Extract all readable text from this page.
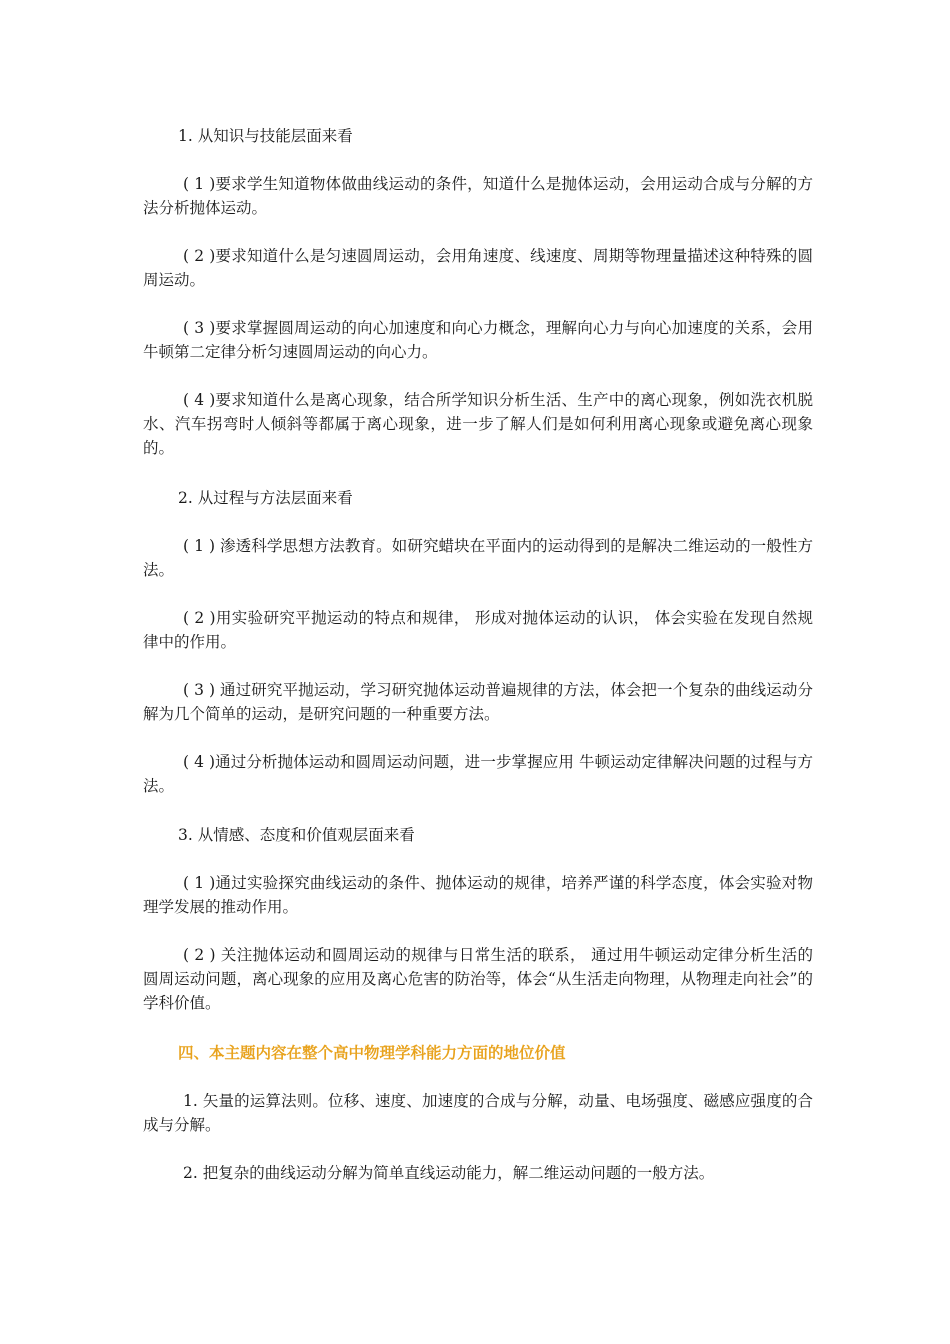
1. 从知识与技能层面来看

( 1 )要求学生知道物体做曲线运动的条件，知道什么是抛体运动，会用运动合成与分解的方法分析抛体运动。

( 2 )要求知道什么是匀速圆周运动，会用角速度、线速度、周期等物理量描述这种特殊的圆周运动。

( 3 )要求掌握圆周运动的向心加速度和向心力概念，理解向心力与向心加速度的关系，会用牛顿第二定律分析匀速圆周运动的向心力。

( 4 )要求知道什么是离心现象，结合所学知识分析生活、生产中的离心现象，例如洗衣机脱水、汽车拐弯时人倾斜等都属于离心现象，进一步了解人们是如何利用离心现象或避免离心现象的。

2. 从过程与方法层面来看

( 1 ) 渗透科学思想方法教育。如研究蜡块在平面内的运动得到的是解决二维运动的一般性方法。

( 2 )用实验研究平抛运动的特点和规律， 形成对抛体运动的认识， 体会实验在发现自然规律中的作用。

( 3 ) 通过研究平抛运动，学习研究抛体运动普遍规律的方法，体会把一个复杂的曲线运动分解为几个简单的运动，是研究问题的一种重要方法。

( 4 )通过分析抛体运动和圆周运动问题，进一步掌握应用 牛顿运动定律解决问题的过程与方法。

3. 从情感、态度和价值观层面来看

( 1 )通过实验探究曲线运动的条件、抛体运动的规律，培养严谨的科学态度，体会实验对物理学发展的推动作用。

( 2 ) 关注抛体运动和圆周运动的规律与日常生活的联系， 通过用牛顿运动定律分析生活的圆周运动问题，离心现象的应用及离心危害的防治等，体会“从生活走向物理，从物理走向社会”的学科价值。

四、本主题内容在整个高中物理学科能力方面的地位价值

1. 矢量的运算法则。位移、速度、加速度的合成与分解，动量、电场强度、磁感应强度的合成与分解。

2. 把复杂的曲线运动分解为简单直线运动能力，解二维运动问题的一般方法。
